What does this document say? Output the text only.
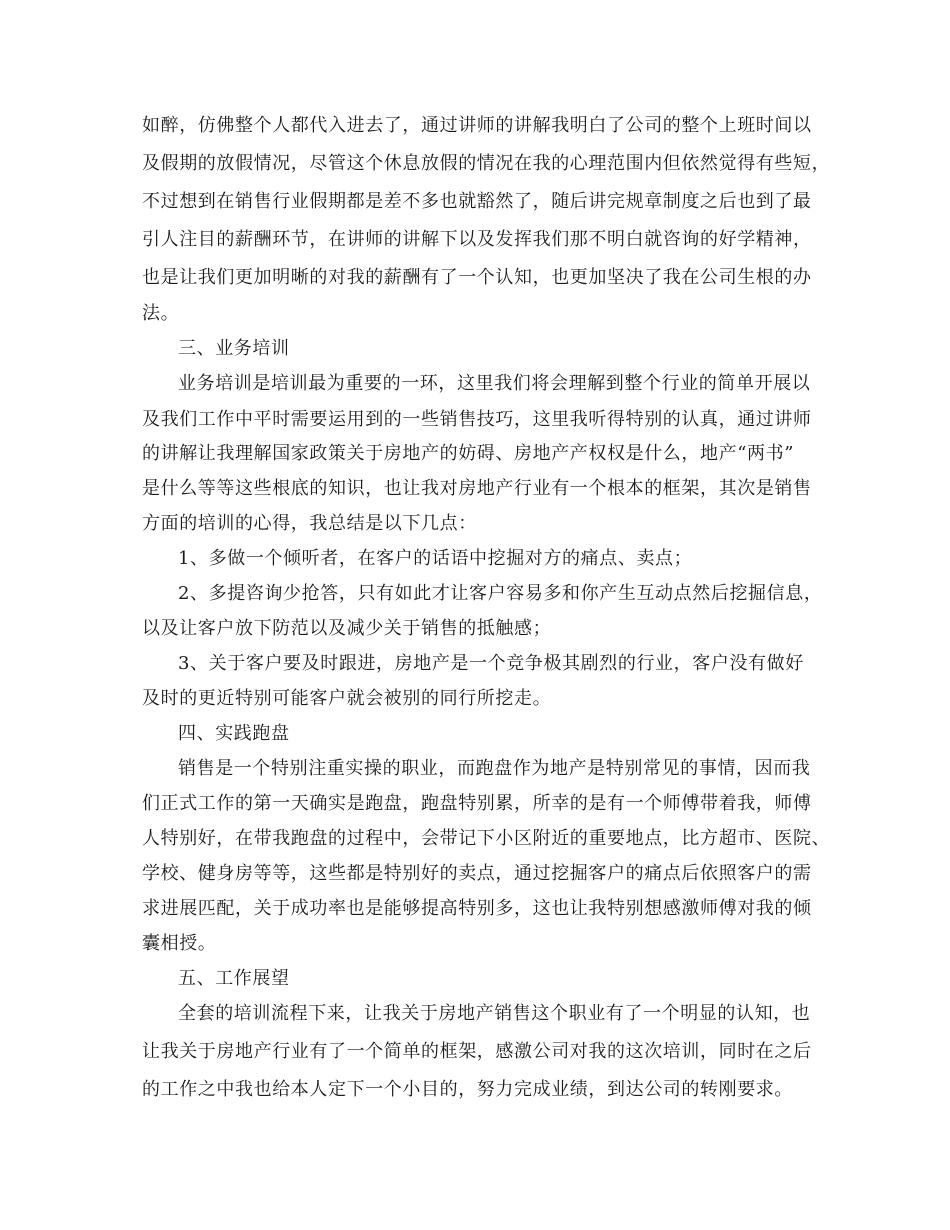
如醉，仿佛整个人都代入进去了，通过讲师的讲解我明白了公司的整个上班时间以
及假期的放假情况，尽管这个休息放假的情况在我的心理范围内但依然觉得有些短，
不过想到在销售行业假期都是差不多也就豁然了，随后讲完规章制度之后也到了最
引人注目的薪酬环节，在讲师的讲解下以及发挥我们那不明白就咨询的好学精神，
也是让我们更加明晰的对我的薪酬有了一个认知，也更加坚决了我在公司生根的办
法。
三、业务培训
业务培训是培训最为重要的一环，这里我们将会理解到整个行业的简单开展以
及我们工作中平时需要运用到的一些销售技巧，这里我听得特别的认真，通过讲师
的讲解让我理解国家政策关于房地产的妨碍、房地产产权权是什么，地产“两书”
是什么等等这些根底的知识，也让我对房地产行业有一个根本的框架，其次是销售
方面的培训的心得，我总结是以下几点：
1、多做一个倾听者，在客户的话语中挖掘对方的痛点、卖点；
2、多提咨询少抢答，只有如此才让客户容易多和你产生互动点然后挖掘信息，
以及让客户放下防范以及减少关于销售的抵触感；
3、关于客户要及时跟进，房地产是一个竞争极其剧烈的行业，客户没有做好
及时的更近特别可能客户就会被别的同行所挖走。
四、实践跑盘
销售是一个特别注重实操的职业，而跑盘作为地产是特别常见的事情，因而我
们正式工作的第一天确实是跑盘，跑盘特别累，所幸的是有一个师傅带着我，师傅
人特别好，在带我跑盘的过程中，会带记下小区附近的重要地点，比方超市、医院、
学校、健身房等等，这些都是特别好的卖点，通过挖掘客户的痛点后依照客户的需
求进展匹配，关于成功率也是能够提高特别多，这也让我特别想感激师傅对我的倾
囊相授。
五、工作展望
全套的培训流程下来，让我关于房地产销售这个职业有了一个明显的认知，也
让我关于房地产行业有了一个简单的框架，感激公司对我的这次培训，同时在之后
的工作之中我也给本人定下一个小目的，努力完成业绩，到达公司的转刚要求。
